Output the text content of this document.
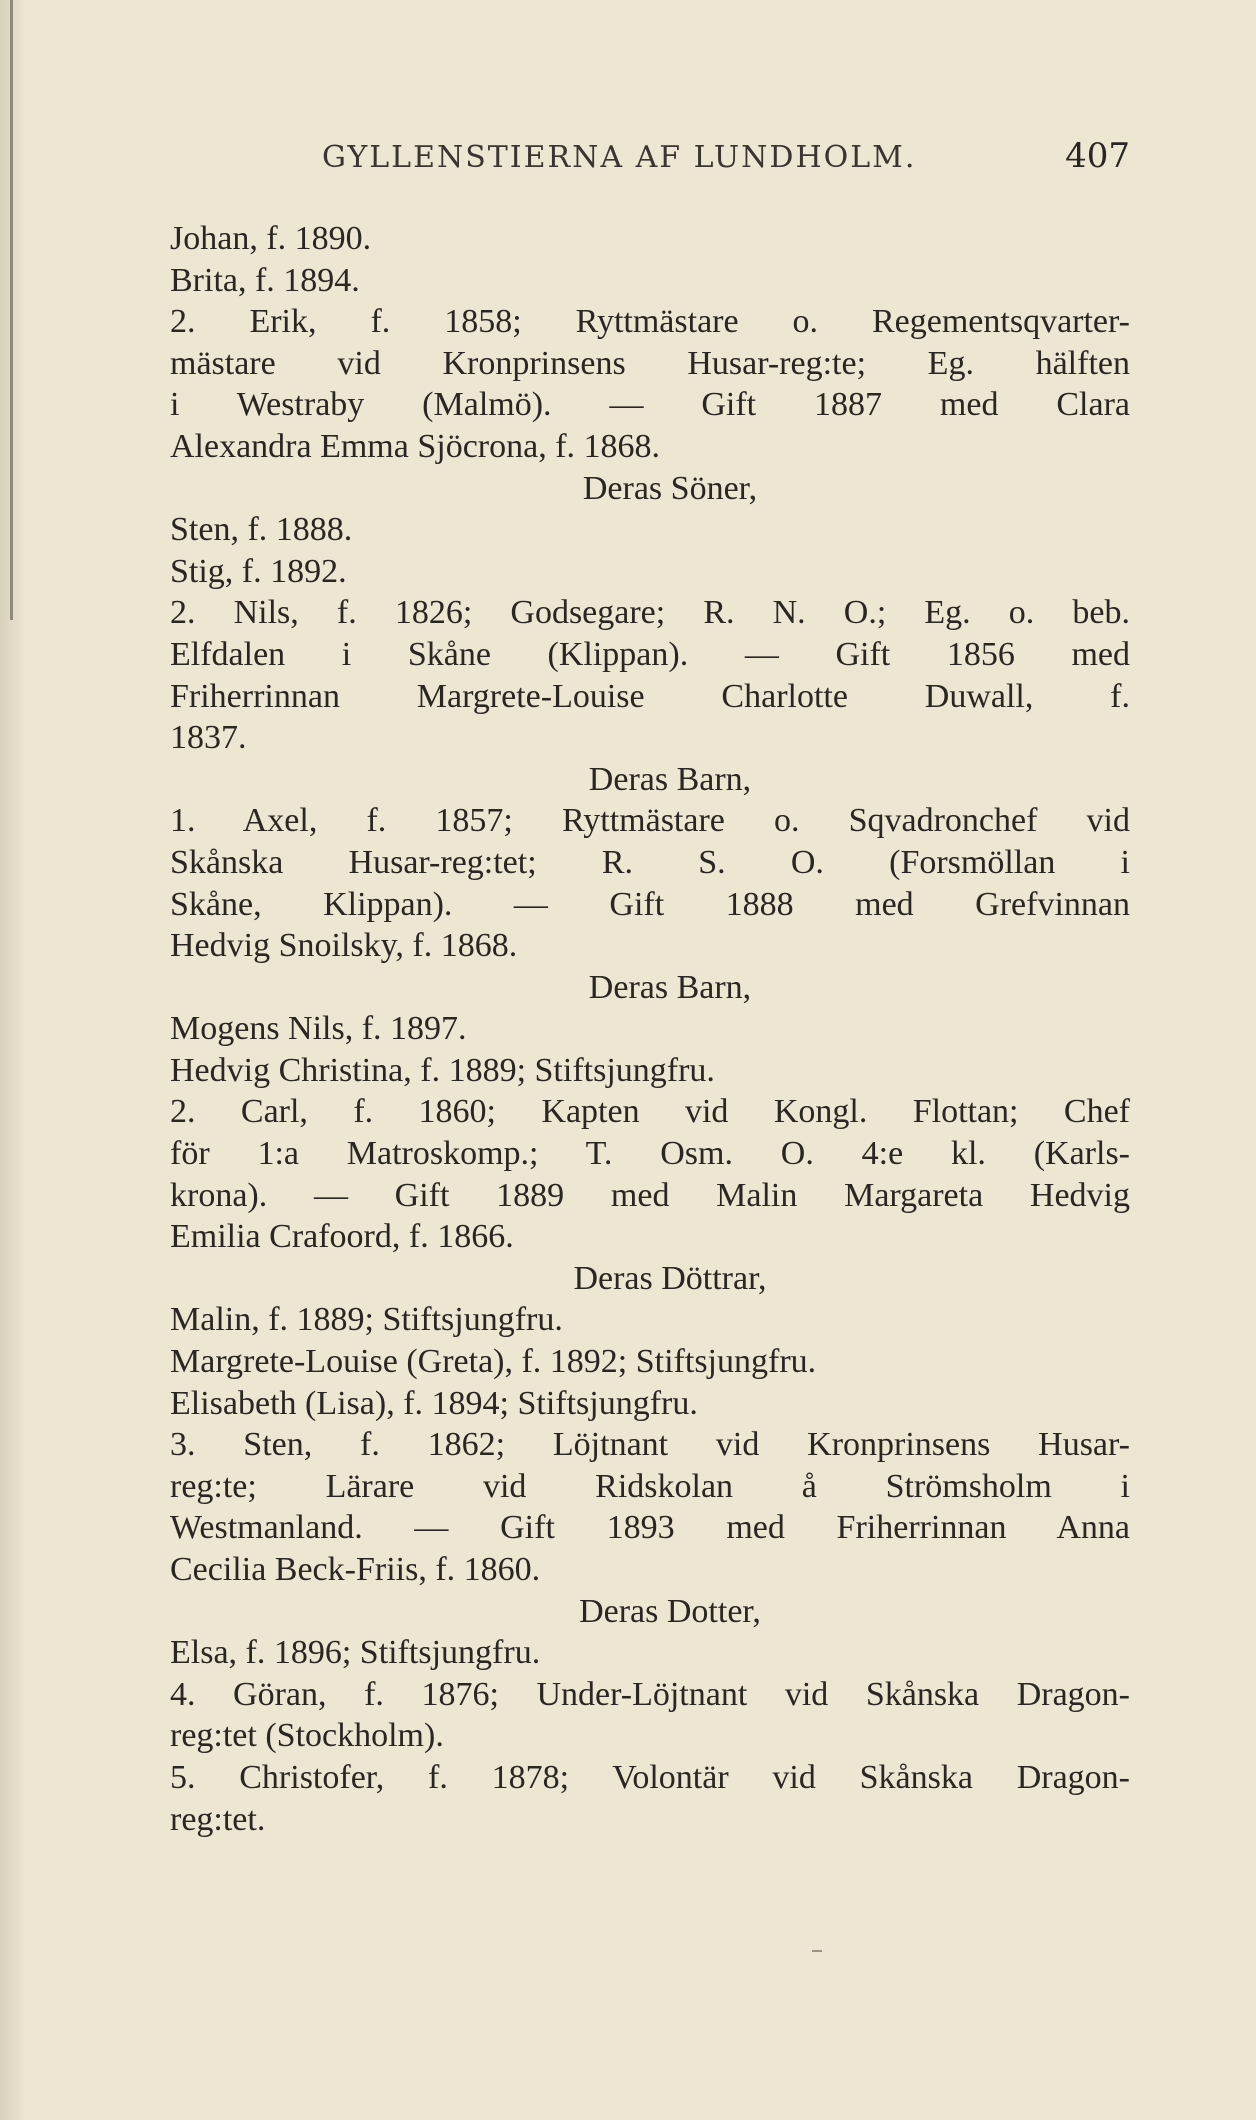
GYLLENSTIERNA AF LUNDHOLM.	407
Johan, f. 1890.
Brita, f. 1894.
2. Erik, f. 1858; Ryttmästare o. Regementsqvarter-
mästare vid Kronprinsens Husar-reg:te; Eg. hälften
i Westraby (Malmö). — Gift 1887 med Clara
Alexandra Emma Sjöcrona, f. 1868.
Deras Söner,
Sten, f. 1888.
Stig, f. 1892.
2. Nils, f. 1826; Godsegare; R. N. O.; Eg. o. beb.
Elfdalen i Skåne (Klippan). — Gift 1856 med
Friherrinnan Margrete-Louise Charlotte Duwall, f.
1837.
Deras Barn,
1. Axel, f. 1857; Ryttmästare o. Sqvadronchef vid
Skånska Husar-reg:tet; R. S. O. (Forsmöllan i
Skåne, Klippan). — Gift 1888 med Grefvinnan
Hedvig Snoilsky, f. 1868.
Deras Barn,
Mogens Nils, f. 1897.
Hedvig Christina, f. 1889; Stiftsjungfru.
2. Carl, f. 1860; Kapten vid Kongl. Flottan; Chef
för 1:a Matroskomp.; T. Osm. O. 4:e kl. (Karls-
krona). — Gift 1889 med Malin Margareta Hedvig
Emilia Crafoord, f. 1866.
Deras Döttrar,
Malin, f. 1889; Stiftsjungfru.
Margrete-Louise (Greta), f. 1892; Stiftsjungfru.
Elisabeth (Lisa), f. 1894; Stiftsjungfru.
3. Sten, f. 1862; Löjtnant vid Kronprinsens Husar-
reg:te; Lärare vid Ridskolan å Strömsholm i
Westmanland. — Gift 1893 med Friherrinnan Anna
Cecilia Beck-Friis, f. 1860.
Deras Dotter,
Elsa, f. 1896; Stiftsjungfru.
4. Göran, f. 1876; Under-Löjtnant vid Skånska Dragon-
reg:tet (Stockholm).
5. Christofer, f. 1878; Volontär vid Skånska Dragon-
reg:tet.
